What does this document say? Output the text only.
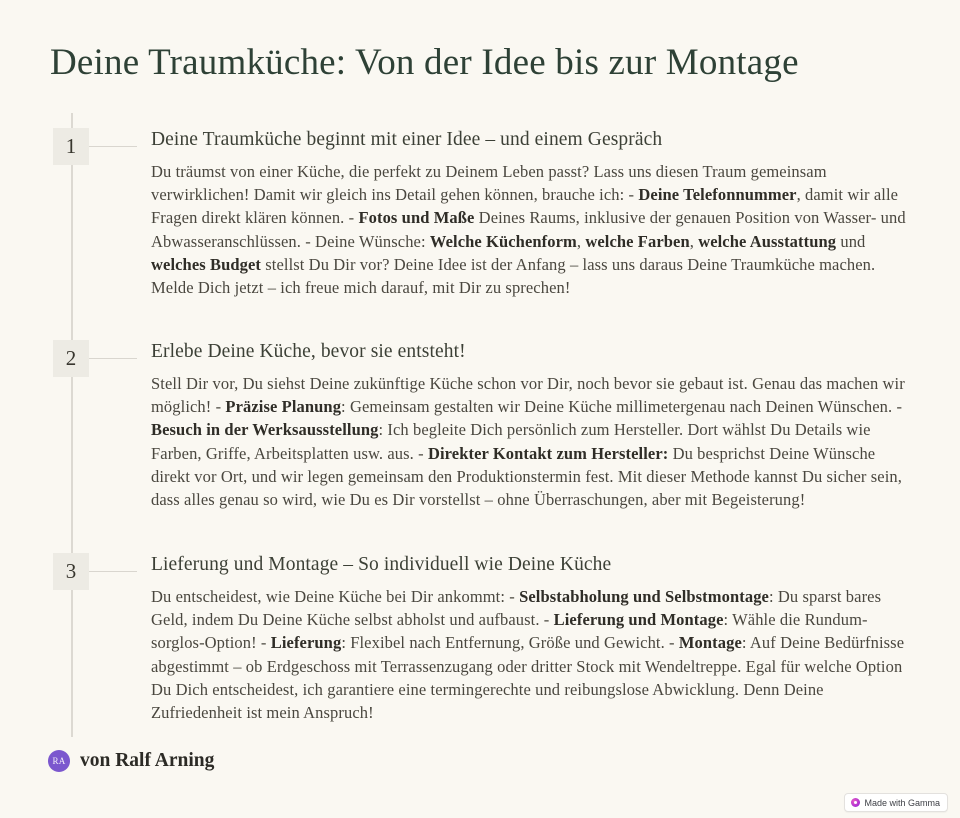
Deine Traumküche: Von der Idee bis zur Montage
1	Deine Traumküche beginnt mit einer Idee – und einem Gespräch

Du träumst von einer Küche, die perfekt zu Deinem Leben passt? Lass uns diesen Traum gemeinsam verwirklichen! Damit wir gleich ins Detail gehen können, brauche ich: - Deine Telefonnummer, damit wir alle Fragen direkt klären können. - Fotos und Maße Deines Raums, inklusive der genauen Position von Wasser- und Abwasseranschlüssen. - Deine Wünsche: Welche Küchenform, welche Farben, welche Ausstattung und welches Budget stellst Du Dir vor? Deine Idee ist der Anfang – lass uns daraus Deine Traumküche machen. Melde Dich jetzt – ich freue mich darauf, mit Dir zu sprechen!

2	Erlebe Deine Küche, bevor sie entsteht!

Stell Dir vor, Du siehst Deine zukünftige Küche schon vor Dir, noch bevor sie gebaut ist. Genau das machen wir möglich! - Präzise Planung: Gemeinsam gestalten wir Deine Küche millimetergenau nach Deinen Wünschen. - Besuch in der Werksausstellung: Ich begleite Dich persönlich zum Hersteller. Dort wählst Du Details wie Farben, Griffe, Arbeitsplatten usw. aus. - Direkter Kontakt zum Hersteller: Du besprichst Deine Wünsche direkt vor Ort, und wir legen gemeinsam den Produktionstermin fest. Mit dieser Methode kannst Du sicher sein, dass alles genau so wird, wie Du es Dir vorstellst – ohne Überraschungen, aber mit Begeisterung!

3	Lieferung und Montage – So individuell wie Deine Küche

Du entscheidest, wie Deine Küche bei Dir ankommt: - Selbstabholung und Selbstmontage: Du sparst bares Geld, indem Du Deine Küche selbst abholst und aufbaust. - Lieferung und Montage: Wähle die Rundum-sorglos-Option! - Lieferung: Flexibel nach Entfernung, Größe und Gewicht. - Montage: Auf Deine Bedürfnisse abgestimmt – ob Erdgeschoss mit Terrassenzugang oder dritter Stock mit Wendeltreppe. Egal für welche Option Du Dich entscheidest, ich garantiere eine termingerechte und reibungslose Abwicklung. Denn Deine Zufriedenheit ist mein Anspruch!

RA von Ralf Arning
Made with Gamma
